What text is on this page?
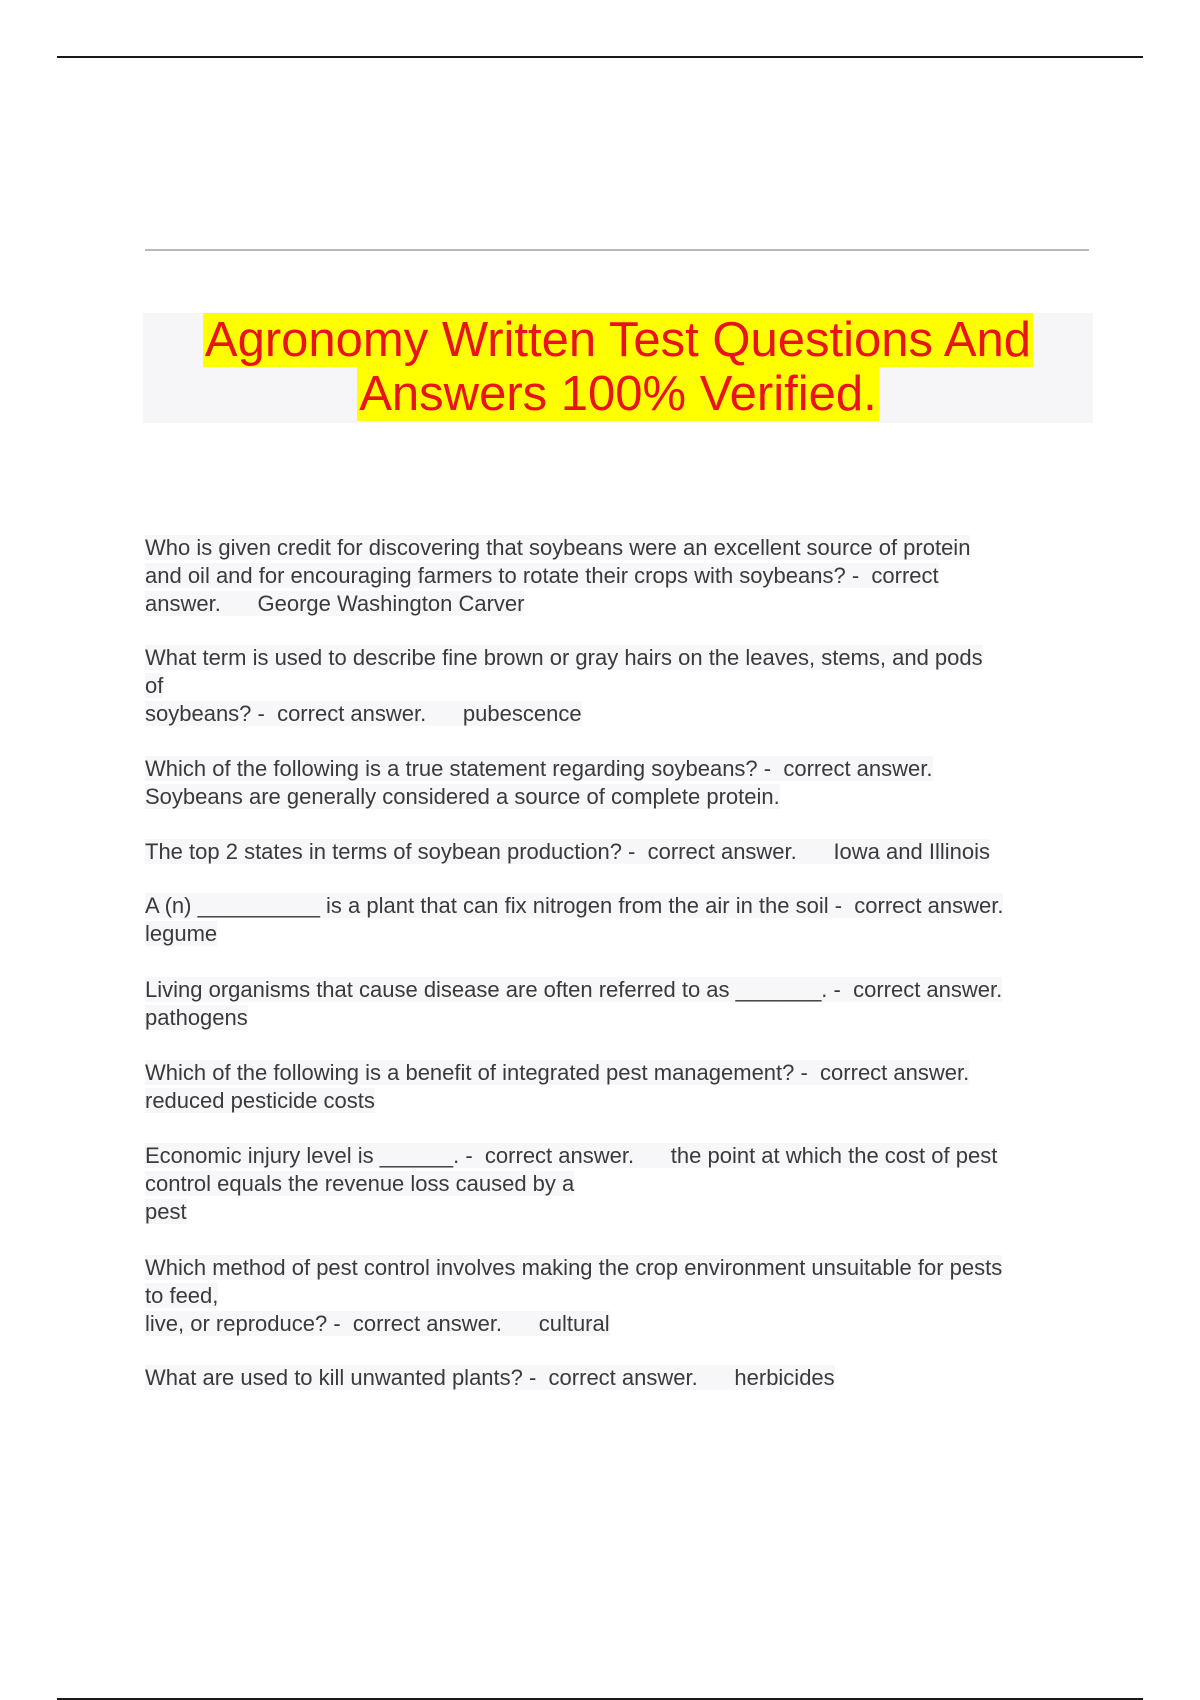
Agronomy Written Test Questions And
Answers 100% Verified.
Who is given credit for discovering that soybeans were an excellent source of protein
and oil and for encouraging farmers to rotate their crops with soybeans? -  correct
answer.      George Washington Carver
What term is used to describe fine brown or gray hairs on the leaves, stems, and pods
of
soybeans? -  correct answer.      pubescence
Which of the following is a true statement regarding soybeans? -  correct answer.
Soybeans are generally considered a source of complete protein.
The top 2 states in terms of soybean production? -  correct answer.      Iowa and Illinois
A (n) __________ is a plant that can fix nitrogen from the air in the soil -  correct answer.
legume
Living organisms that cause disease are often referred to as _______. -  correct answer.
pathogens
Which of the following is a benefit of integrated pest management? -  correct answer.
reduced pesticide costs
Economic injury level is ______. -  correct answer.      the point at which the cost of pest
control equals the revenue loss caused by a
pest
Which method of pest control involves making the crop environment unsuitable for pests
to feed,
live, or reproduce? -  correct answer.      cultural
What are used to kill unwanted plants? -  correct answer.      herbicides
